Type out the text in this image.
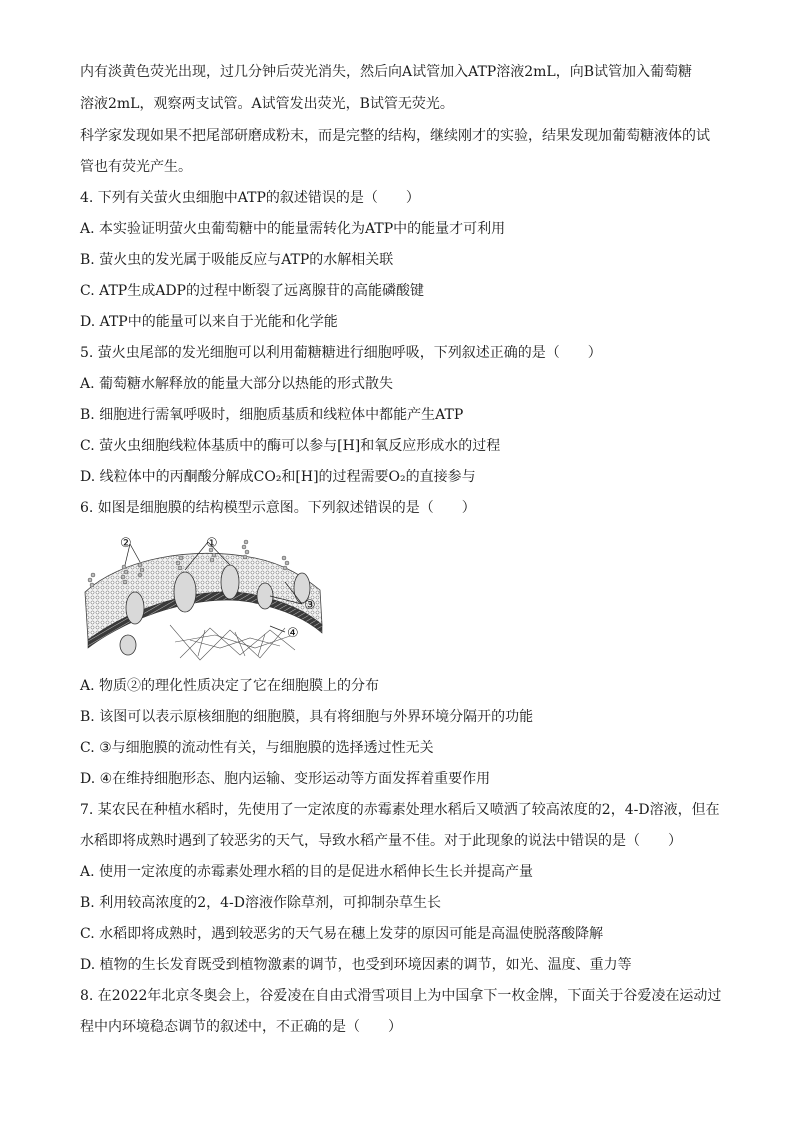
内有淡黄色荧光出现，过几分钟后荧光消失，然后向A试管加入ATP溶液2mL，向B试管加入葡萄糖
溶液2mL，观察两支试管。A试管发出荧光，B试管无荧光。
科学家发现如果不把尾部研磨成粉末，而是完整的结构，继续刚才的实验，结果发现加葡萄糖液体的试
管也有荧光产生。
4. 下列有关萤火虫细胞中ATP的叙述错误的是（　　）
A. 本实验证明萤火虫葡萄糖中的能量需转化为ATP中的能量才可利用
B. 萤火虫的发光属于吸能反应与ATP的水解相关联
C. ATP生成ADP的过程中断裂了远离腺苷的高能磷酸键
D. ATP中的能量可以来自于光能和化学能
5. 萤火虫尾部的发光细胞可以利用葡糖糖进行细胞呼吸，下列叙述正确的是（　　）
A. 葡萄糖水解释放的能量大部分以热能的形式散失
B. 细胞进行需氧呼吸时，细胞质基质和线粒体中都能产生ATP
C. 萤火虫细胞线粒体基质中的酶可以参与[H]和氧反应形成水的过程
D. 线粒体中的丙酮酸分解成CO₂和[H]的过程需要O₂的直接参与
6. 如图是细胞膜的结构模型示意图。下列叙述错误的是（　　）
②	①
③
④
A. 物质②的理化性质决定了它在细胞膜上的分布
B. 该图可以表示原核细胞的细胞膜，具有将细胞与外界环境分隔开的功能
C. ③与细胞膜的流动性有关，与细胞膜的选择透过性无关
D. ④在维持细胞形态、胞内运输、变形运动等方面发挥着重要作用
7. 某农民在种植水稻时，先使用了一定浓度的赤霉素处理水稻后又喷洒了较高浓度的2，4-D溶液，但在
水稻即将成熟时遇到了较恶劣的天气，导致水稻产量不佳。对于此现象的说法中错误的是（　　）
A. 使用一定浓度的赤霉素处理水稻的目的是促进水稻伸长生长并提高产量
B. 利用较高浓度的2，4-D溶液作除草剂，可抑制杂草生长
C. 水稻即将成熟时，遇到较恶劣的天气易在穗上发芽的原因可能是高温使脱落酸降解
D. 植物的生长发育既受到植物激素的调节，也受到环境因素的调节，如光、温度、重力等
8. 在2022年北京冬奥会上，谷爱凌在自由式滑雪项目上为中国拿下一枚金牌，下面关于谷爱凌在运动过
程中内环境稳态调节的叙述中，不正确的是（　　）
